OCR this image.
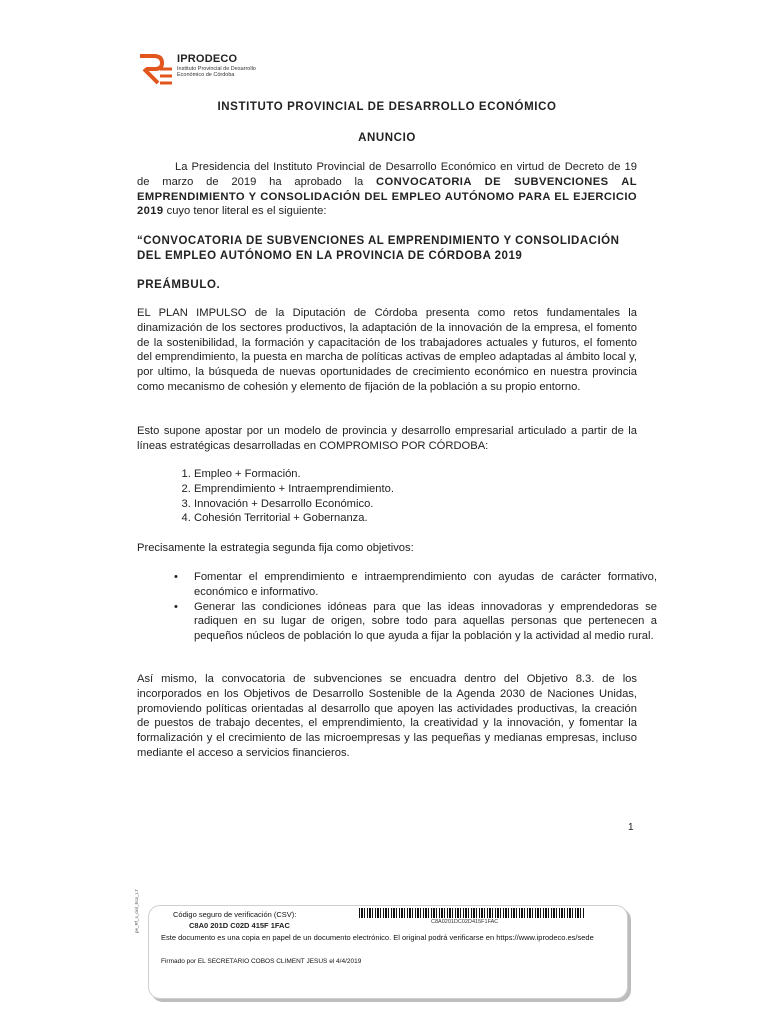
IPRODECO
Instituto Provincial de Desarrollo Económico de Córdoba
INSTITUTO PROVINCIAL DE DESARROLLO ECONÓMICO
ANUNCIO
La Presidencia del Instituto Provincial de Desarrollo Económico en virtud de Decreto de 19 de marzo de 2019 ha aprobado la CONVOCATORIA DE SUBVENCIONES AL EMPRENDIMIENTO Y CONSOLIDACIÓN DEL EMPLEO AUTÓNOMO PARA EL EJERCICIO 2019 cuyo tenor literal es el siguiente:
“CONVOCATORIA DE SUBVENCIONES AL EMPRENDIMIENTO Y CONSOLIDACIÓN DEL EMPLEO AUTÓNOMO EN LA PROVINCIA DE CÓRDOBA 2019
PREÁMBULO.
EL PLAN IMPULSO de la Diputación de Córdoba presenta como retos fundamentales la dinamización de los sectores productivos, la adaptación de la innovación de la empresa, el fomento de la sostenibilidad, la formación y capacitación de los trabajadores actuales y futuros, el fomento del emprendimiento, la puesta en marcha de políticas activas de empleo adaptadas al ámbito local y, por ultimo, la búsqueda de nuevas oportunidades de crecimiento económico en nuestra provincia como mecanismo de cohesión y elemento de fijación de la población a su propio entorno.
Esto supone apostar por un modelo de provincia y desarrollo empresarial articulado a partir de la líneas estratégicas desarrolladas en COMPROMISO POR CÓRDOBA:
1. Empleo + Formación.
2. Emprendimiento + Intraemprendimiento.
3. Innovación + Desarrollo Económico.
4. Cohesión Territorial + Gobernanza.
Precisamente la estrategia segunda fija como objetivos:
• Fomentar el emprendimiento e intraemprendimiento con ayudas de carácter formativo, económico e informativo.
• Generar las condiciones idóneas para que las ideas innovadoras y emprendedoras se radiquen en su lugar de origen, sobre todo para aquellas personas que pertenecen a pequeños núcleos de población lo que ayuda a fijar la población y la actividad al medio rural.
Así mismo, la convocatoria de subvenciones se encuadra dentro del Objetivo 8.3. de los incorporados en los Objetivos de Desarrollo Sostenible de la Agenda 2030 de Naciones Unidas, promoviendo políticas orientadas al desarrollo que apoyen las actividades productivas, la creación de puestos de trabajo decentes, el emprendimiento, la creatividad y la innovación, y fomentar la formalización y el crecimiento de las microempresas y las pequeñas y medianas empresas, incluso mediante el acceso a servicios financieros.
1
pe_Rf_s_ciol_Eco_L7	Código seguro de verificación (CSV):
C8A0 201D C02D 415F 1FAC	C8A0201DC02D415F1FAC
Este documento es una copia en papel de un documento electrónico. El original podrá verificarse en https://www.iprodeco.es/sede
Firmado por EL SECRETARIO COBOS CLIMENT JESUS el 4/4/2019
